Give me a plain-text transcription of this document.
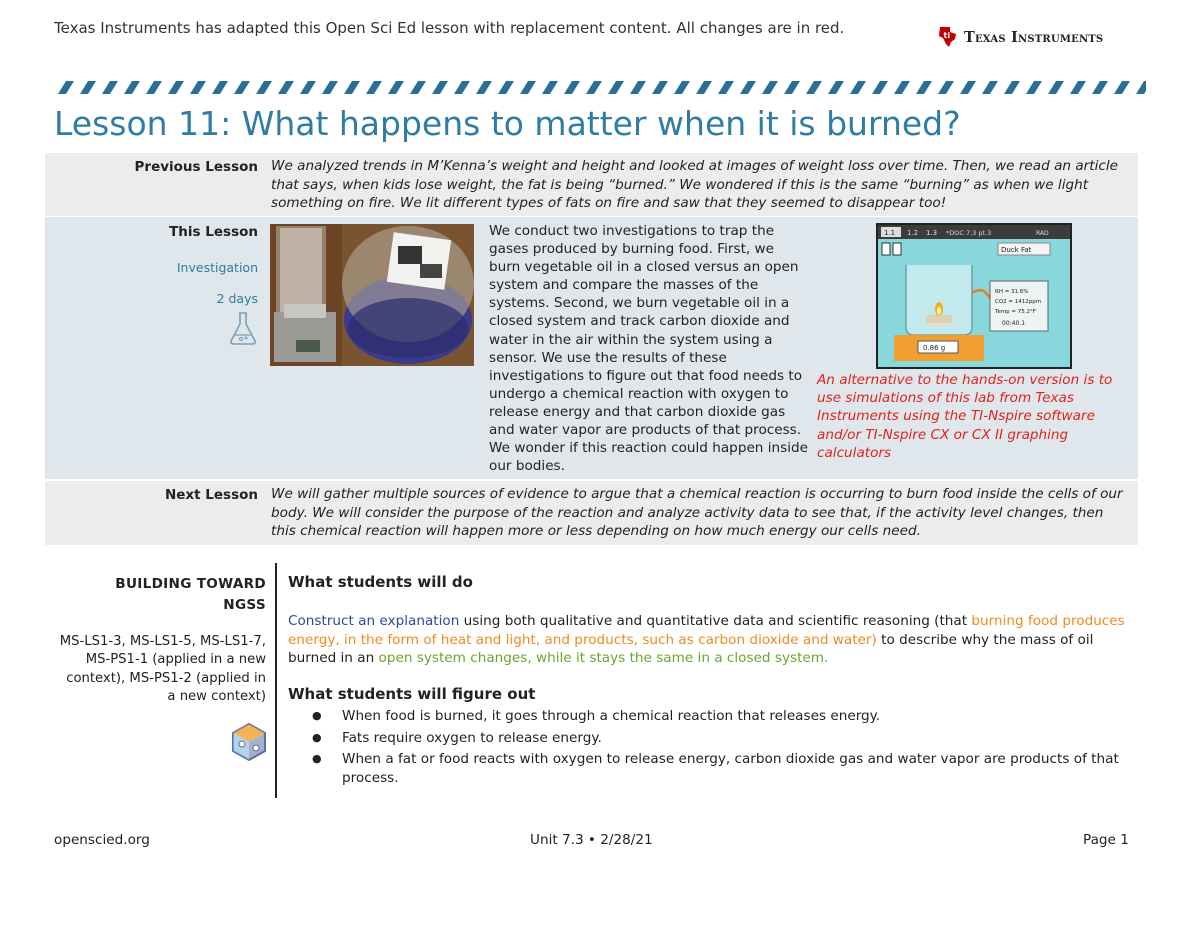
Texas Instruments has adapted this Open Sci Ed lesson with replacement content. All changes are in red.	ti Texas Instruments
Lesson 11: What happens to matter when it is burned?
Previous Lesson We analyzed trends in M’Kenna’s weight and height and looked at images of weight loss over time. Then, we read an article that says, when kids lose weight, the fat is being “burned.” We wondered if this is the same “burning” as when we light something on fire. We lit different types of fats on fire and saw that they seemed to disappear too!
This Lesson
Investigation
2 days
We conduct two investigations to trap the gases produced by burning food. First, we burn vegetable oil in a closed versus an open system and compare the masses of the systems. Second, we burn vegetable oil in a closed system and track carbon dioxide and water in the air within the system using a sensor. We use the results of these investigations to figure out that food needs to undergo a chemical reaction with oxygen to release energy and that carbon dioxide gas and water vapor are products of that process. We wonder if this reaction could happen inside our bodies.
1.1 1.2 1.3 *DOC 7.3 pt.3	RAD
Duck Fat
0.86 g
RH = 31.6%
CO2 = 1412ppm
Temp = 75.2°F
00:40.1
An alternative to the hands-on version is to use simulations of this lab from Texas Instruments using the TI-Nspire software and/or TI-Nspire CX or CX II graphing calculators
Next Lesson We will gather multiple sources of evidence to argue that a chemical reaction is occurring to burn food inside the cells of our body. We will consider the purpose of the reaction and analyze activity data to see that, if the activity level changes, then this chemical reaction will happen more or less depending on how much energy our cells need.
BUILDING TOWARD
NGSS
MS-LS1-3, MS-LS1-5, MS-LS1-7, MS-PS1-1 (applied in a new context), MS-PS1-2 (applied in a new context)
What students will do
Construct an explanation using both qualitative and quantitative data and scientific reasoning (that burning food produces energy, in the form of heat and light, and products, such as carbon dioxide and water) to describe why the mass of oil burned in an open system changes, while it stays the same in a closed system.
What students will figure out
● When food is burned, it goes through a chemical reaction that releases energy.
● Fats require oxygen to release energy.
● When a fat or food reacts with oxygen to release energy, carbon dioxide gas and water vapor are products of that process.
openscied.org	Unit 7.3 • 2/28/21	Page 1
